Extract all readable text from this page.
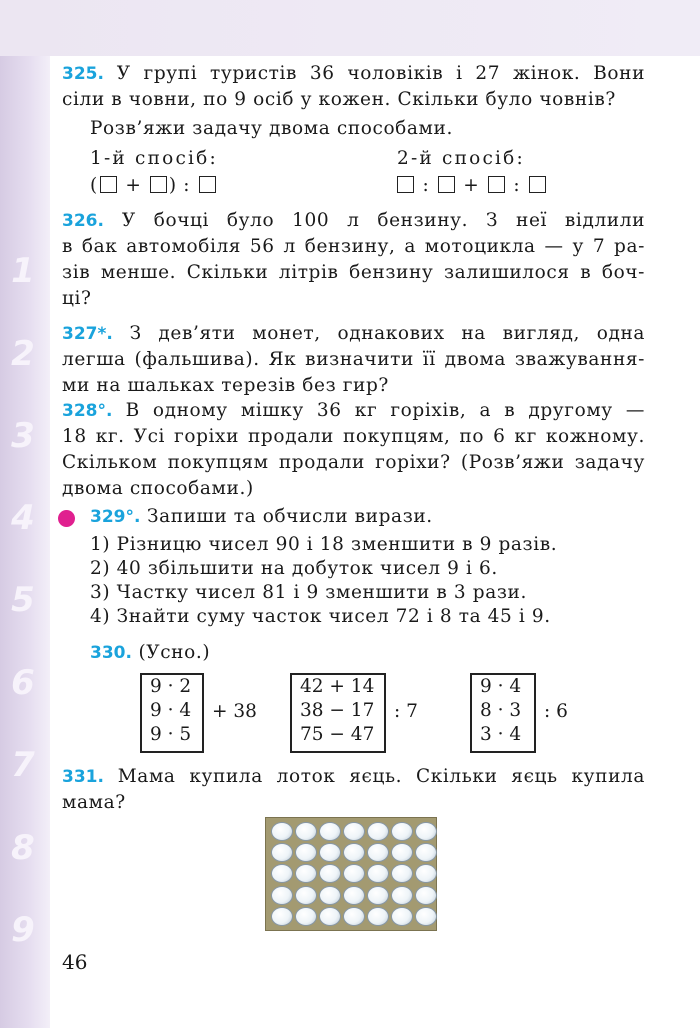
1
2
3
4
5
6
7
8
9
325. У групі туристів 36 чоловіків і 27 жінок. Вони
сіли в човни, по 9 осіб у кожен. Скільки було човнів?
Розв’яжи задачу двома способами.
1-й спосіб:	2-й спосіб:
( + ) :	: + :
326. У бочці було 100 л бензину. З неї відлили
в бак автомобіля 56 л бензину, а мотоцикла — у 7 ра-
зів менше. Скільки літрів бензину залишилося в боч-
ці?
327*. З дев’яти монет, однакових на вигляд, одна
легша (фальшива). Як визначити її двома зважування-
ми на шальках терезів без гир?
328°. В одному мішку 36 кг горіхів, а в другому —
18 кг. Усі горіхи продали покупцям, по 6 кг кожному.
Скільком покупцям продали горіхи? (Розв’яжи задачу
двома способами.)
329°. Запиши та обчисли вирази.
1) Різницю чисел 90 і 18 зменшити в 9 разів.
2) 40 збільшити на добуток чисел 9 і 6.
3) Частку чисел 81 і 9 зменшити в 3 рази.
4) Знайти суму часток чисел 72 і 8 та 45 і 9.
330. (Усно.)
9 · 2
9 · 4
9 · 5
+ 38
42 + 14
38 − 17
75 − 47
: 7
9 · 4
8 · 3
3 · 4
: 6
331. Мама купила лоток яєць. Скільки яєць купила
мама?
46
